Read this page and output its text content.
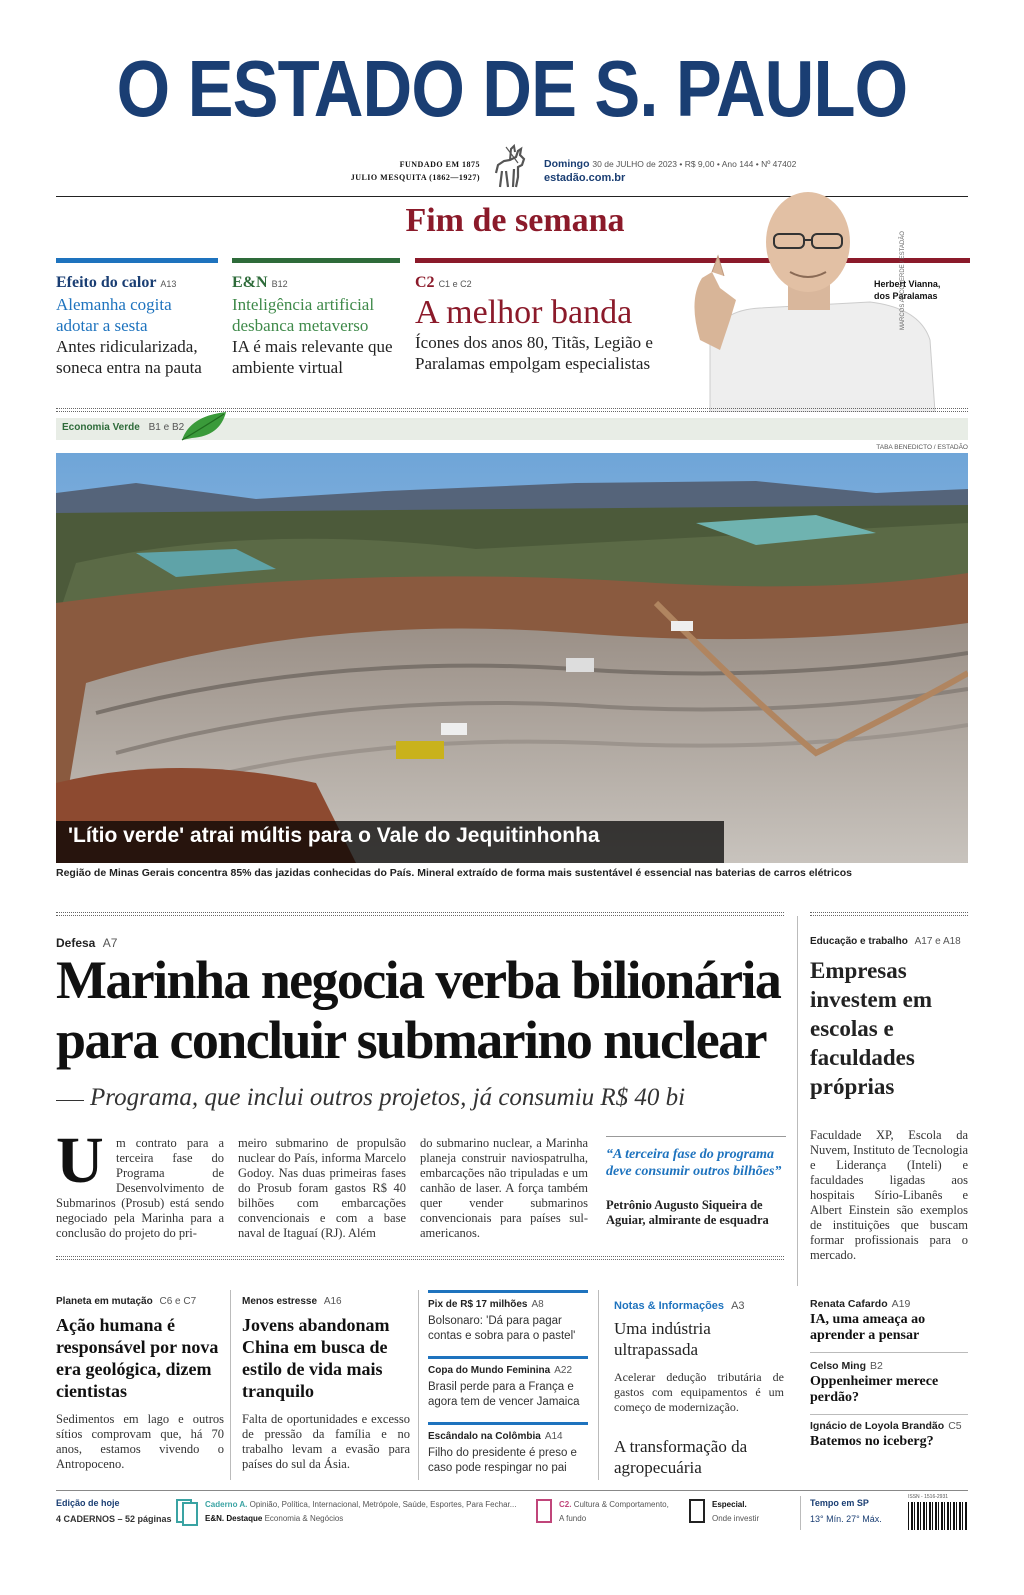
O ESTADO DE S. PAULO
FUNDADO EM 1875
JULIO MESQUITA (1862—1927)
Domingo 30 de JULHO de 2023 • R$ 9,00 • Ano 144 • Nº 47402
estadão.com.br
Fim de semana
Efeito do calor A13
Alemanha cogita adotar a sesta
Antes ridicularizada, soneca entra na pauta
E&N B12
Inteligência artificial desbanca metaverso
IA é mais relevante que ambiente virtual
C2 C1 e C2
A melhor banda
Ícones dos anos 80, Titãs, Legião e Paralamas empolgam especialistas
Herbert Vianna, dos Paralamas
MARCOS ARCOVERDE / ESTADÃO
Economia Verde B1 e B2
TABA BENEDICTO / ESTADÃO
'Lítio verde' atrai múltis para o Vale do Jequitinhonha
Região de Minas Gerais concentra 85% das jazidas conhecidas do País. Mineral extraído de forma mais sustentável é essencial nas baterias de carros elétricos
Defesa A7
Marinha negocia verba bilionária para concluir submarino nuclear
Programa, que inclui outros projetos, já consumiu R$ 40 bi
U m contrato para a terceira fase do Programa de Desenvolvimento de Submarinos (Prosub) está sendo negociado pela Marinha para a conclusão do projeto do pri-
meiro submarino de propulsão nuclear do País, informa Marcelo Godoy. Nas duas primeiras fases do Prosub foram gastos R$ 40 bilhões com embarcações convencionais e com a base naval de Itaguaí (RJ). Além
do submarino nuclear, a Marinha planeja construir naviospatrulha, embarcações não tripuladas e um canhão de laser. A força também quer vender submarinos convencionais para países sul-americanos.
“A terceira fase do programa deve consumir outros bilhões”
Petrônio Augusto Siqueira de Aguiar, almirante de esquadra
Educação e trabalho A17 e A18
Empresas investem em escolas e faculdades próprias
Faculdade XP, Escola da Nuvem, Instituto de Tecnologia e Liderança (Inteli) e faculdades ligadas aos hospitais Sírio-Libanês e Albert Einstein são exemplos de instituições que buscam formar profissionais para o mercado.
Planeta em mutação C6 e C7
Ação humana é responsável por nova era geológica, dizem cientistas
Sedimentos em lago e outros sítios comprovam que, há 70 anos, estamos vivendo o Antropoceno.
Menos estresse A16
Jovens abandonam China em busca de estilo de vida mais tranquilo
Falta de oportunidades e excesso de pressão da família e no trabalho levam a evasão para países do sul da Ásia.
Pix de R$ 17 milhões A8
Bolsonaro: 'Dá para pagar contas e sobra para o pastel'
Copa do Mundo Feminina A22
Brasil perde para a França e agora tem de vencer Jamaica
Escândalo na Colômbia A14
Filho do presidente é preso e caso pode respingar no pai
Notas & Informações A3
Uma indústria ultrapassada
Acelerar dedução tributária de gastos com equipamentos é um começo de modernização.
A transformação da agropecuária
Renata Cafardo A19
IA, uma ameaça ao aprender a pensar
Celso Ming B2
Oppenheimer merece perdão?
Ignácio de Loyola Brandão C5
Batemos no iceberg?
Edição de hoje
4 CADERNOS – 52 páginas
Caderno A. Opinião, Política, Internacional, Metrópole, Saúde, Esportes, Para Fechar...
E&N. Destaque Economia & Negócios
C2. Cultura & Comportamento,
A fundo
Especial.
Onde investir
Tempo em SP
13° Mín. 27° Máx.
ISSN - 1516-2931
